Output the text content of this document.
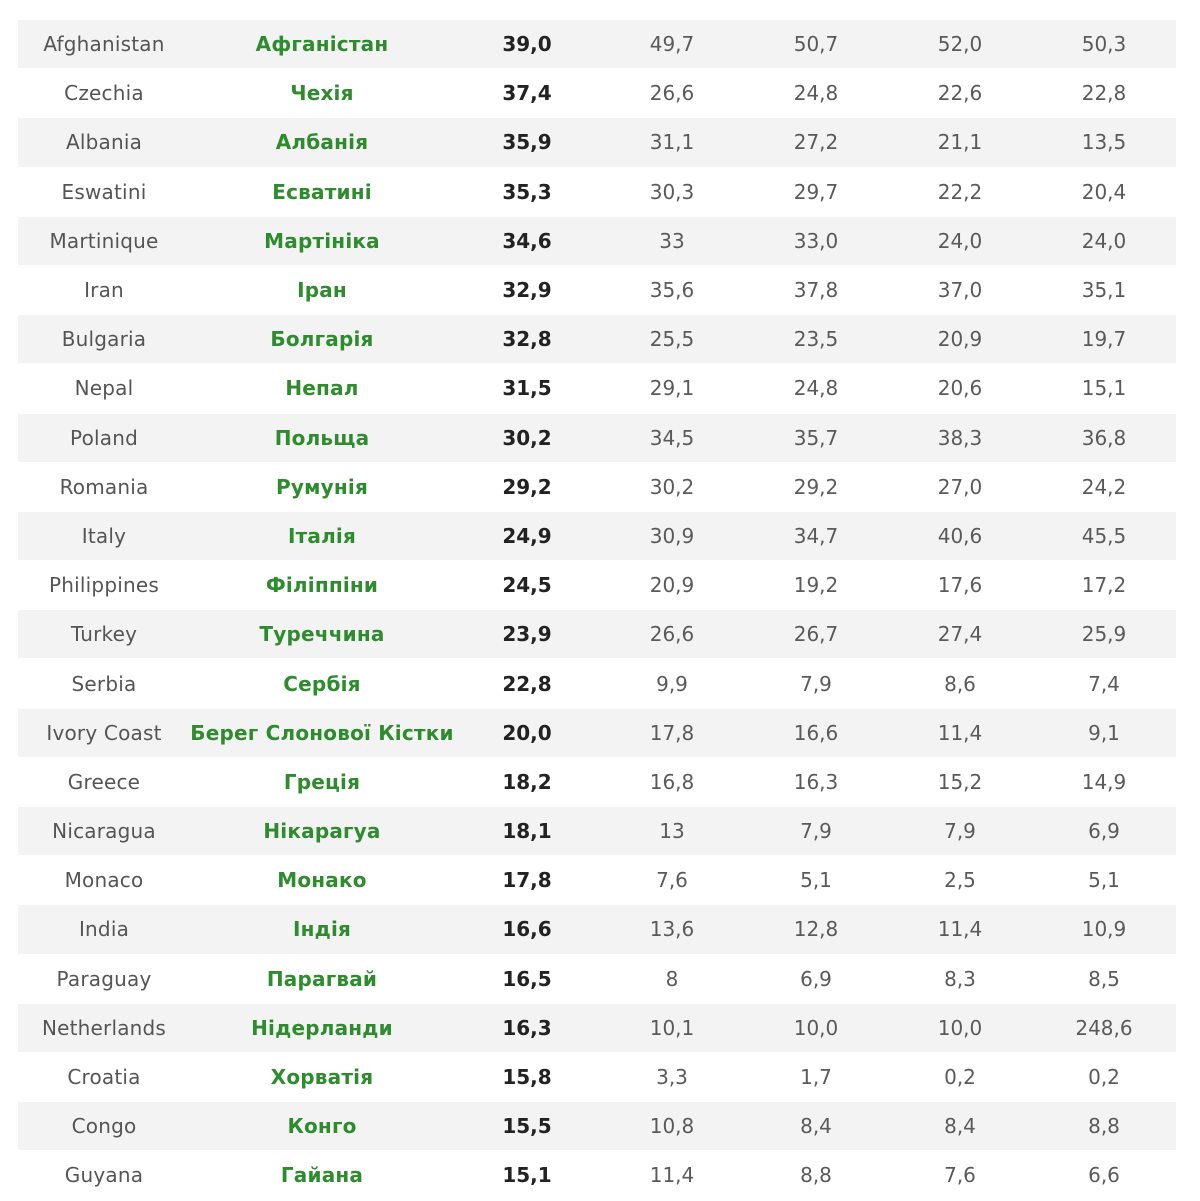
Afghanistan	Афганістан	39,0	49,7	50,7	52,0	50,3
Czechia	Чехія	37,4	26,6	24,8	22,6	22,8
Albania	Албанія	35,9	31,1	27,2	21,1	13,5
Eswatini	Есватині	35,3	30,3	29,7	22,2	20,4
Martinique	Мартініка	34,6	33	33,0	24,0	24,0
Iran	Іран	32,9	35,6	37,8	37,0	35,1
Bulgaria	Болгарія	32,8	25,5	23,5	20,9	19,7
Nepal	Непал	31,5	29,1	24,8	20,6	15,1
Poland	Польща	30,2	34,5	35,7	38,3	36,8
Romania	Румунія	29,2	30,2	29,2	27,0	24,2
Italy	Італія	24,9	30,9	34,7	40,6	45,5
Philippines	Філіппіни	24,5	20,9	19,2	17,6	17,2
Turkey	Туреччина	23,9	26,6	26,7	27,4	25,9
Serbia	Сербія	22,8	9,9	7,9	8,6	7,4
Ivory Coast	Берег Слонової Кістки	20,0	17,8	16,6	11,4	9,1
Greece	Греція	18,2	16,8	16,3	15,2	14,9
Nicaragua	Нікарагуа	18,1	13	7,9	7,9	6,9
Monaco	Монако	17,8	7,6	5,1	2,5	5,1
India	Індія	16,6	13,6	12,8	11,4	10,9
Paraguay	Парагвай	16,5	8	6,9	8,3	8,5
Netherlands	Нідерланди	16,3	10,1	10,0	10,0	248,6
Croatia	Хорватія	15,8	3,3	1,7	0,2	0,2
Congo	Конго	15,5	10,8	8,4	8,4	8,8
Guyana	Гайана	15,1	11,4	8,8	7,6	6,6
